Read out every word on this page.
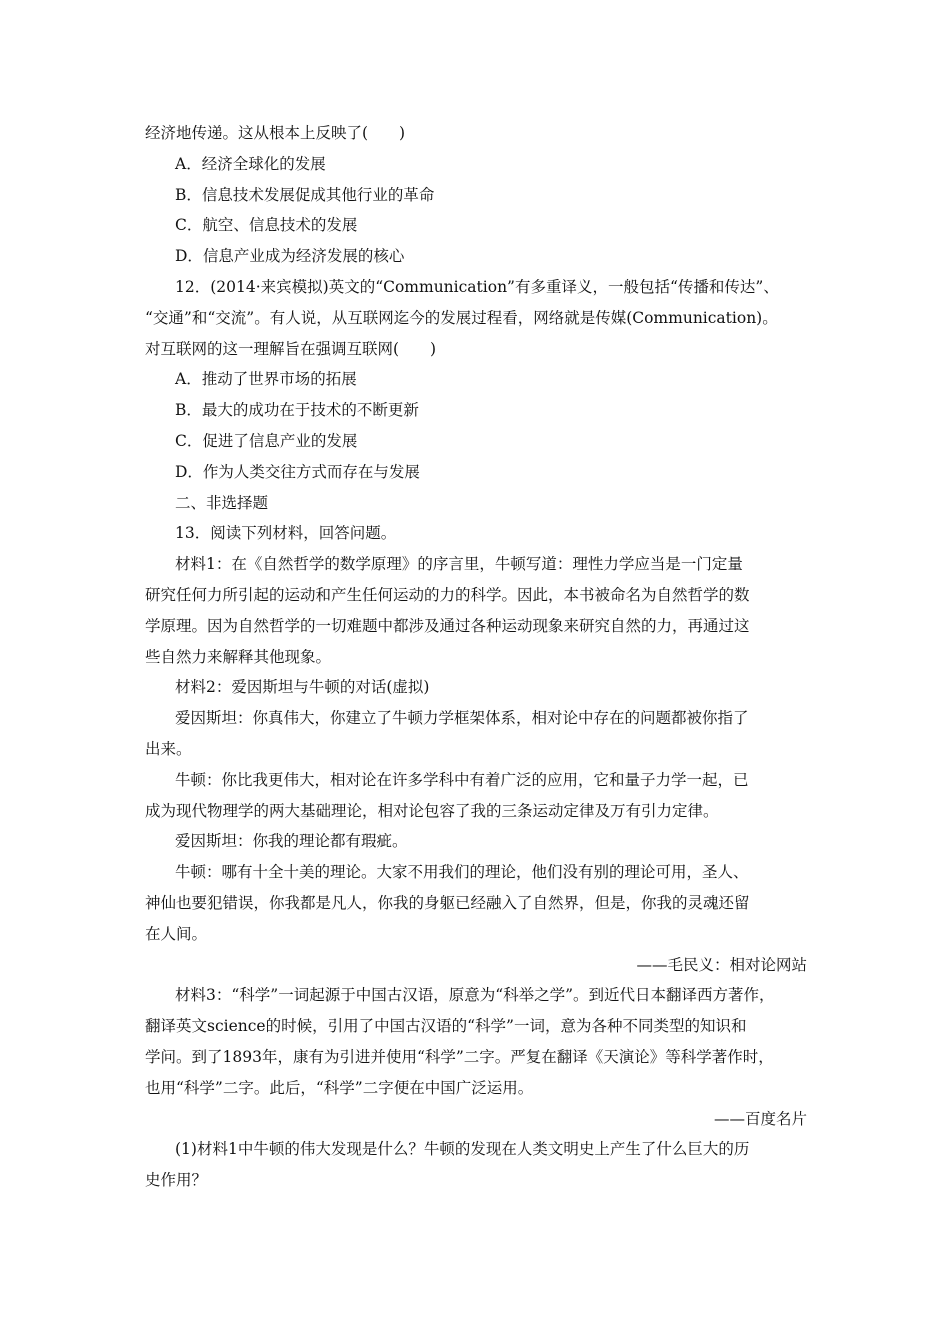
经济地传递。这从根本上反映了(　　)

A．经济全球化的发展

B．信息技术发展促成其他行业的革命

C．航空、信息技术的发展

D．信息产业成为经济发展的核心

12．(2014·来宾模拟)英文的“Communication”有多重译义，一般包括“传播和传达”、

“交通”和“交流”。有人说，从互联网迄今的发展过程看，网络就是传媒(Communication)。

对互联网的这一理解旨在强调互联网(　　)

A．推动了世界市场的拓展

B．最大的成功在于技术的不断更新

C．促进了信息产业的发展

D．作为人类交往方式而存在与发展

二、非选择题

13．阅读下列材料，回答问题。

材料1：在《自然哲学的数学原理》的序言里，牛顿写道：理性力学应当是一门定量

研究任何力所引起的运动和产生任何运动的力的科学。因此，本书被命名为自然哲学的数

学原理。因为自然哲学的一切难题中都涉及通过各种运动现象来研究自然的力，再通过这

些自然力来解释其他现象。

材料2：爱因斯坦与牛顿的对话(虚拟)

爱因斯坦：你真伟大，你建立了牛顿力学框架体系，相对论中存在的问题都被你指了

出来。

牛顿：你比我更伟大，相对论在许多学科中有着广泛的应用，它和量子力学一起，已

成为现代物理学的两大基础理论，相对论包容了我的三条运动定律及万有引力定律。

爱因斯坦：你我的理论都有瑕疵。

牛顿：哪有十全十美的理论。大家不用我们的理论，他们没有别的理论可用，圣人、

神仙也要犯错误，你我都是凡人，你我的身躯已经融入了自然界，但是，你我的灵魂还留

在人间。

——毛民义：相对论网站

材料3：“科学”一词起源于中国古汉语，原意为“科举之学”。到近代日本翻译西方著作，

翻译英文science的时候，引用了中国古汉语的“科学”一词，意为各种不同类型的知识和

学问。到了1893年，康有为引进并使用“科学”二字。严复在翻译《天演论》等科学著作时，

也用“科学”二字。此后，“科学”二字便在中国广泛运用。

——百度名片

(1)材料1中牛顿的伟大发现是什么？牛顿的发现在人类文明史上产生了什么巨大的历

史作用？
